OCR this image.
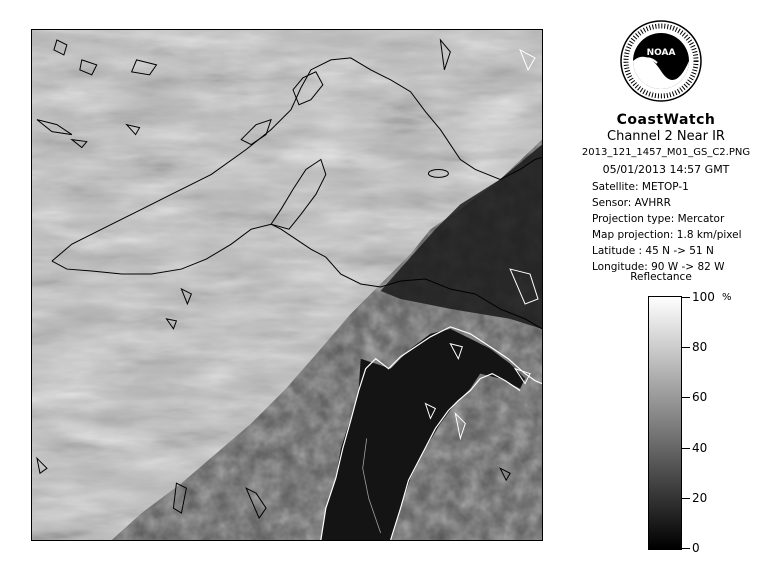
NOAA
CoastWatch
Channel 2 Near IR
2013_121_1457_M01_GS_C2.PNG
05/01/2013 14:57 GMT
Satellite: METOP-1
Sensor: AVHRR
Projection type: Mercator
Map projection: 1.8 km/pixel
Latitude : 45 N -> 51 N
Longitude: 90 W -> 82 W
Reflectance
%
100
80
60
40
20
0
